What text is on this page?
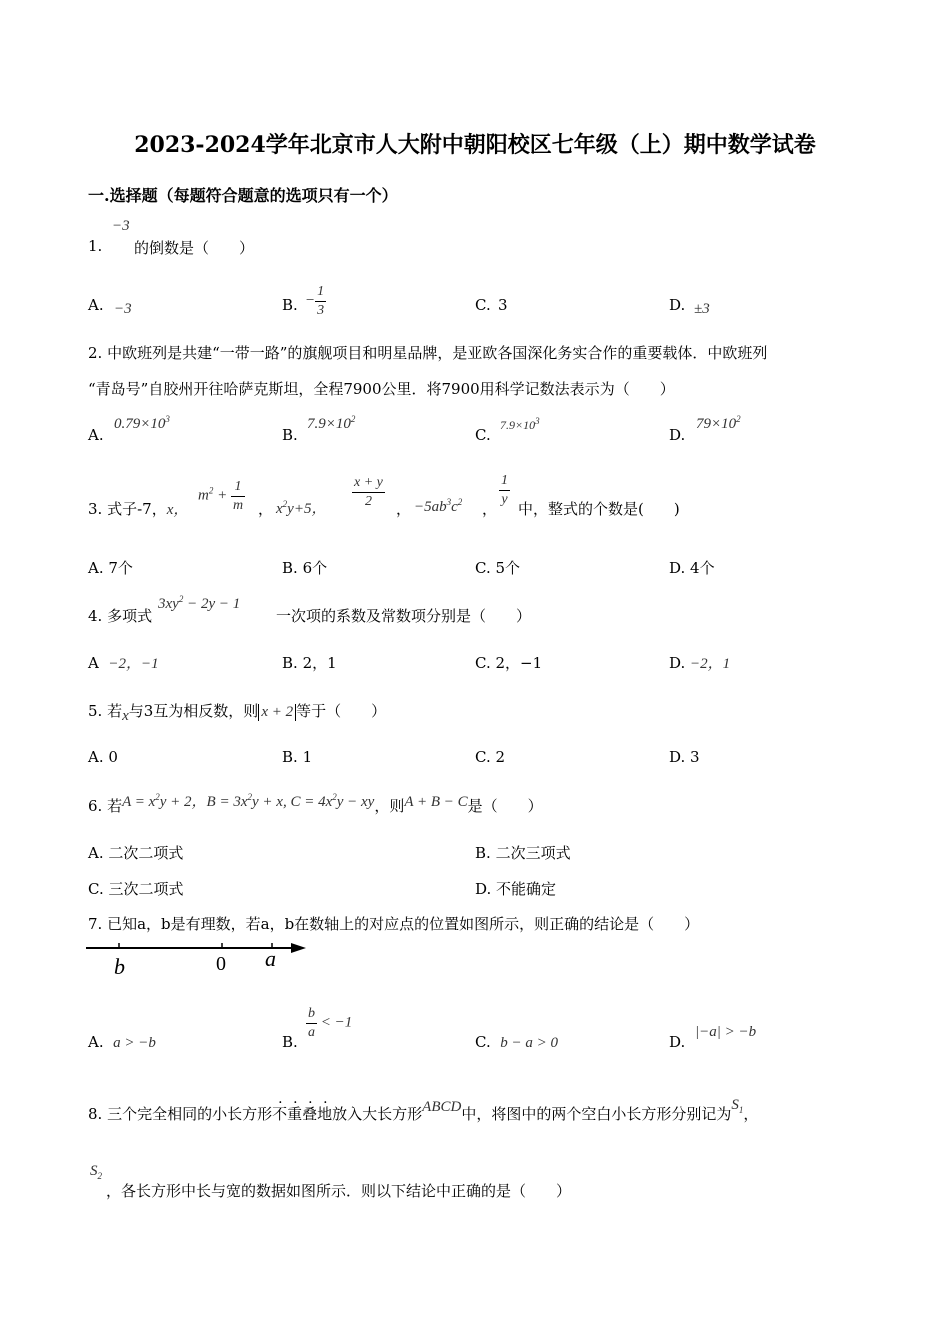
2023-2024学年北京市人大附中朝阳校区七年级（上）期中数学试卷
一.选择题（每题符合题意的选项只有一个）
1.
−3
的倒数是（　　）
A. −3	B. − $\frac{1}{3}$	C. 3	D. ±3
2. 中欧班列是共建“一带一路”的旗舰项目和明星品牌，是亚欧各国深化务实合作的重要载体．中欧班列
“青岛号”自胶州开往哈萨克斯坦，全程7900公里．将7900用科学记数法表示为（　　）
A.
$0.79\times 10^3$
B.
$7.9\times 10^2$
C.
$7.9\times 10^3$
D.
$79\times 10^2$
3. 式子-7，x，
$m^2 + \frac{1}{m}$ ， $x^2y+5$， $\frac{x + y}{2}$ ， $-5ab^3c^2$ ，
$\frac{1}{y}$
中，整式的个数是(　　)
A. 7个	B. 6个	C. 5个	D. 4个
4. 多项式
$3xy^2 - 2y - 1$
一次项的系数及常数项分别是（　　）
A −2，−1	B. 2，1	C. 2，−1	D. −2，1
5. 若x与3互为相反数，则 x + 2 等于（　　）
A. 0	B. 1	C. 2	D. 3
6. 若$A = x^2y + 2$，$B = 3x^2y + x$, $C = 4x^2y$ − xy，则A + B − C是（　　）
A. 二次二项式	B. 二次三项式
C. 三次二项式	D. 不能确定
7. 已知a，b是有理数，若a，b在数轴上的对应点的位置如图所示，则正确的结论是（　　）
b	0 a
A. a > −b	B.
$\frac{b}{a} < -1$
C. b − a > 0	D.
|−a| > −b
8. 三个完全相同的小长方形不重叠地放入大长方形ABCD中，将图中的两个空白小长方形分别记为$S_1$，
$S_2$
，各长方形中长与宽的数据如图所示．则以下结论中正确的是（　　）
